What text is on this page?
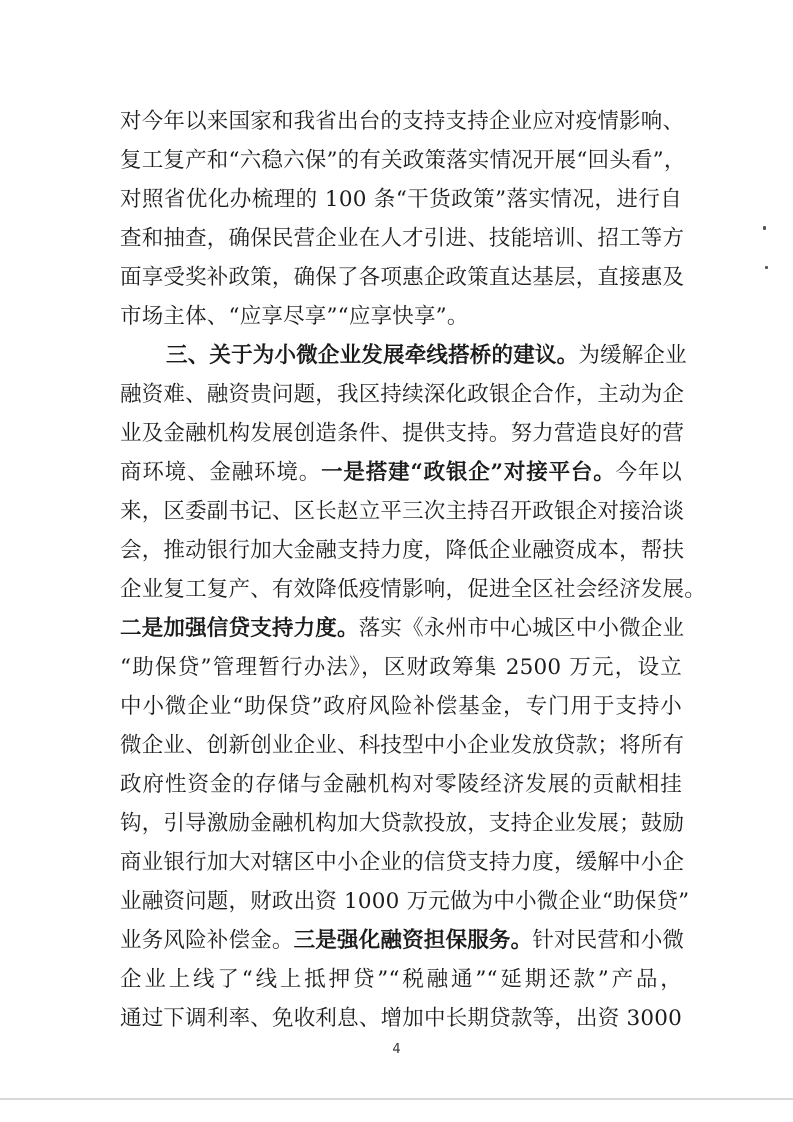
对今年以来国家和我省出台的支持支持企业应对疫情影响、
复工复产和“六稳六保”的有关政策落实情况开展“回头看”，
对照省优化办梳理的 100 条“干货政策”落实情况，进行自
查和抽查，确保民营企业在人才引进、技能培训、招工等方
面享受奖补政策，确保了各项惠企政策直达基层，直接惠及
市场主体、“应享尽享”“应享快享”。
三、关于为小微企业发展牵线搭桥的建议。为缓解企业
融资难、融资贵问题，我区持续深化政银企合作，主动为企
业及金融机构发展创造条件、提供支持。努力营造良好的营
商环境、金融环境。一是搭建“政银企”对接平台。今年以
来，区委副书记、区长赵立平三次主持召开政银企对接洽谈
会，推动银行加大金融支持力度，降低企业融资成本，帮扶
企业复工复产、有效降低疫情影响，促进全区社会经济发展。
二是加强信贷支持力度。落实《永州市中心城区中小微企业
“助保贷”管理暂行办法》，区财政筹集 2500 万元，设立
中小微企业“助保贷”政府风险补偿基金，专门用于支持小
微企业、创新创业企业、科技型中小企业发放贷款；将所有
政府性资金的存储与金融机构对零陵经济发展的贡献相挂
钩，引导激励金融机构加大贷款投放，支持企业发展；鼓励
商业银行加大对辖区中小企业的信贷支持力度，缓解中小企
业融资问题，财政出资 1000 万元做为中小微企业“助保贷”
业务风险补偿金。三是强化融资担保服务。针对民营和小微
企业上线了“线上抵押贷”“税融通”“延期还款”产品，
通过下调利率、免收利息、增加中长期贷款等，出资 3000
4
